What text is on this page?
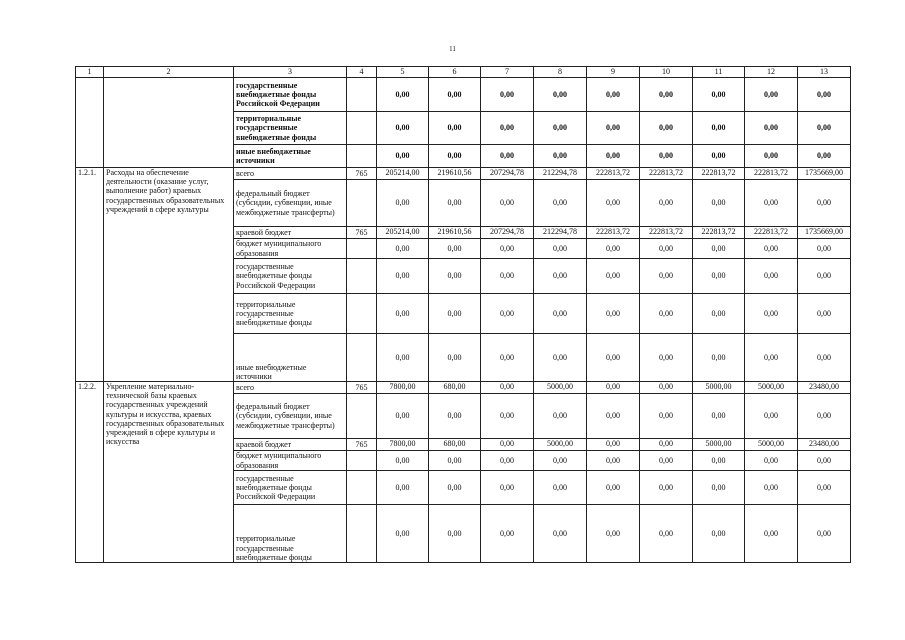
11
1	2	3	4	5	6	7	8	9	10	11	12	13
		государственные внебюджетные фонды Российской Федерации		0,00	0,00	0,00	0,00	0,00	0,00	0,00	0,00	0,00
		территориальные государственные внебюджетные фонды		0,00	0,00	0,00	0,00	0,00	0,00	0,00	0,00	0,00
		иные внебюджетные источники		0,00	0,00	0,00	0,00	0,00	0,00	0,00	0,00	0,00
1.2.1.	Расходы на обеспечение деятельности (оказание услуг, выполнение работ) краевых государственных образовательных учреждений в сфере культуры	всего	765	205214,00	219610,56	207294,78	212294,78	222813,72	222813,72	222813,72	222813,72	1735669,00
		федеральный бюджет (субсидии, субвенции, иные межбюджетные трансферты)		0,00	0,00	0,00	0,00	0,00	0,00	0,00	0,00	0,00
		краевой бюджет	765	205214,00	219610,56	207294,78	212294,78	222813,72	222813,72	222813,72	222813,72	1735669,00
		бюджет муниципального образования		0,00	0,00	0,00	0,00	0,00	0,00	0,00	0,00	0,00
		государственные внебюджетные фонды Российской Федерации		0,00	0,00	0,00	0,00	0,00	0,00	0,00	0,00	0,00
		территориальные государственные внебюджетные фонды		0,00	0,00	0,00	0,00	0,00	0,00	0,00	0,00	0,00
		иные внебюджетные источники		0,00	0,00	0,00	0,00	0,00	0,00	0,00	0,00	0,00
1.2.2.	Укрепление материально-технической базы краевых государственных учреждений культуры и искусства, краевых государственных образовательных учреждений в сфере культуры и искусства	всего	765	7800,00	680,00	0,00	5000,00	0,00	0,00	5000,00	5000,00	23480,00
		федеральный бюджет (субсидии, субвенции, иные межбюджетные трансферты)		0,00	0,00	0,00	0,00	0,00	0,00	0,00	0,00	0,00
		краевой бюджет	765	7800,00	680,00	0,00	5000,00	0,00	0,00	5000,00	5000,00	23480,00
		бюджет муниципального образования		0,00	0,00	0,00	0,00	0,00	0,00	0,00	0,00	0,00
		государственные внебюджетные фонды Российской Федерации		0,00	0,00	0,00	0,00	0,00	0,00	0,00	0,00	0,00
		территориальные государственные внебюджетные фонды		0,00	0,00	0,00	0,00	0,00	0,00	0,00	0,00	0,00
